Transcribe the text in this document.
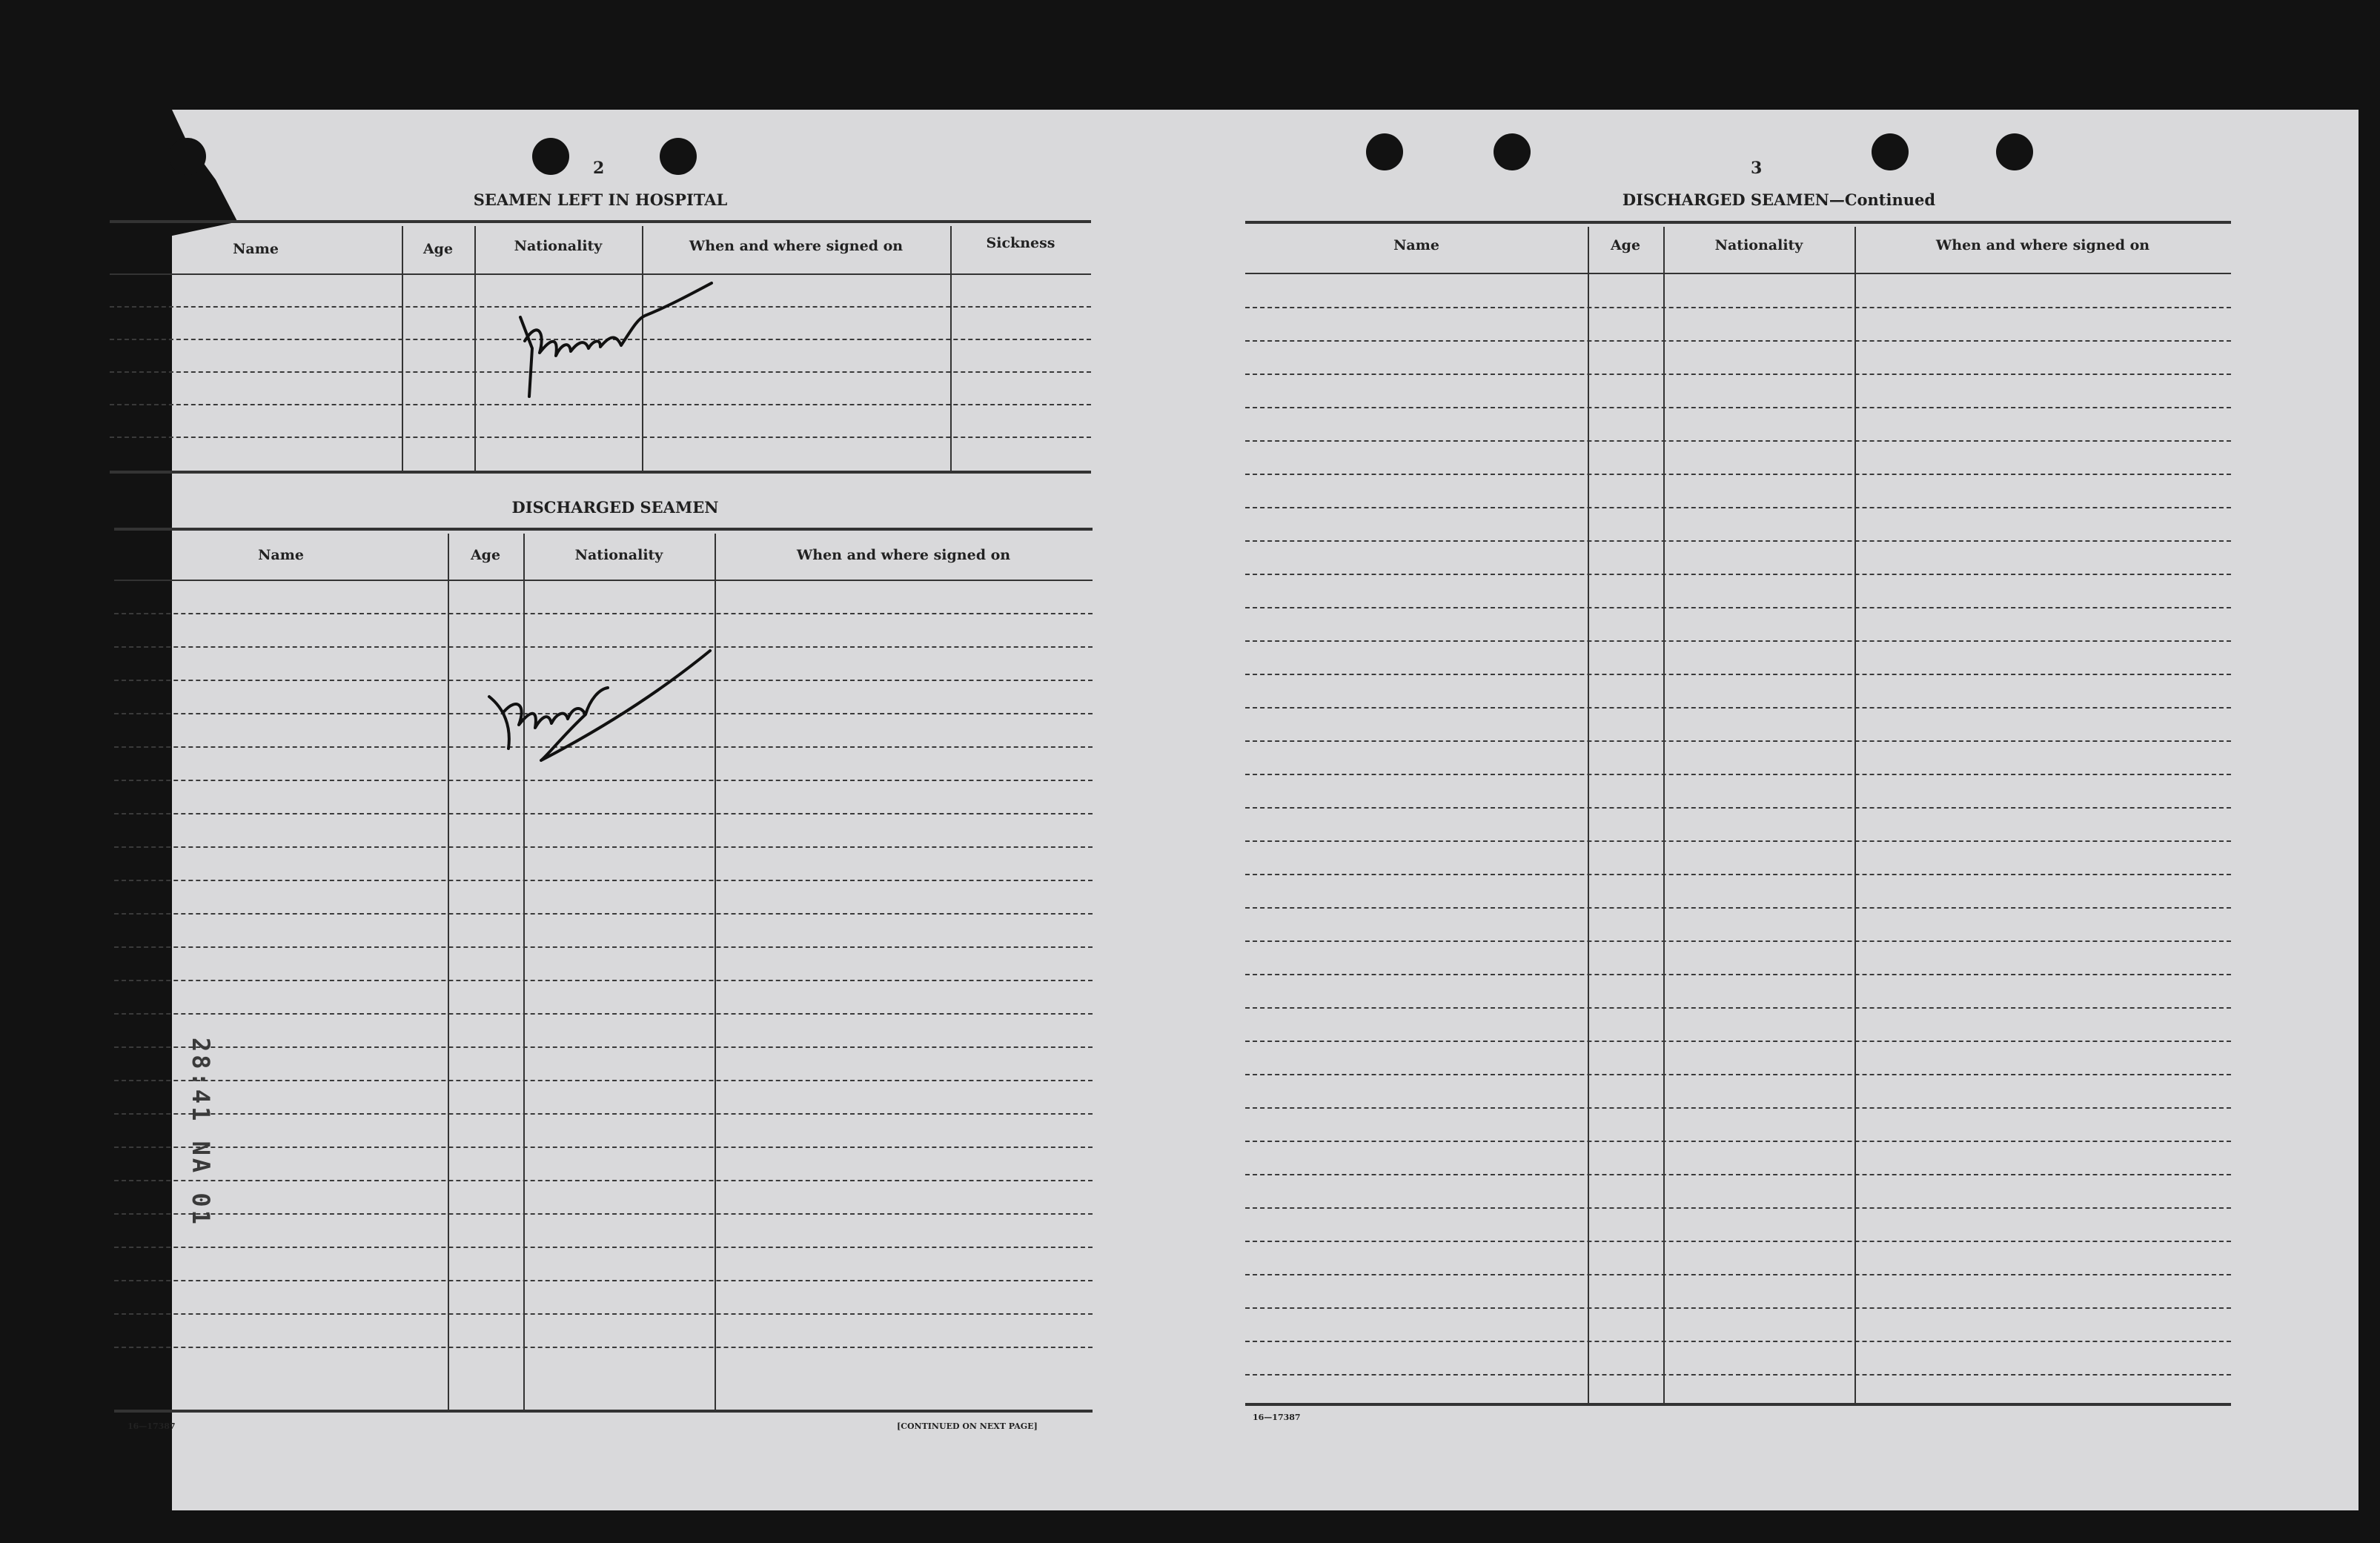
2
SEAMEN LEFT IN HOSPITAL
Name	Age	Nationality	When and where signed on	Sickness
DISCHARGED SEAMEN
Name	Age	Nationality	When and where signed on
28:41 NA 01
16—17387	[CONTINUED ON NEXT PAGE]
3
DISCHARGED SEAMEN—Continued
Name	Age	Nationality	When and where signed on
16—17387
